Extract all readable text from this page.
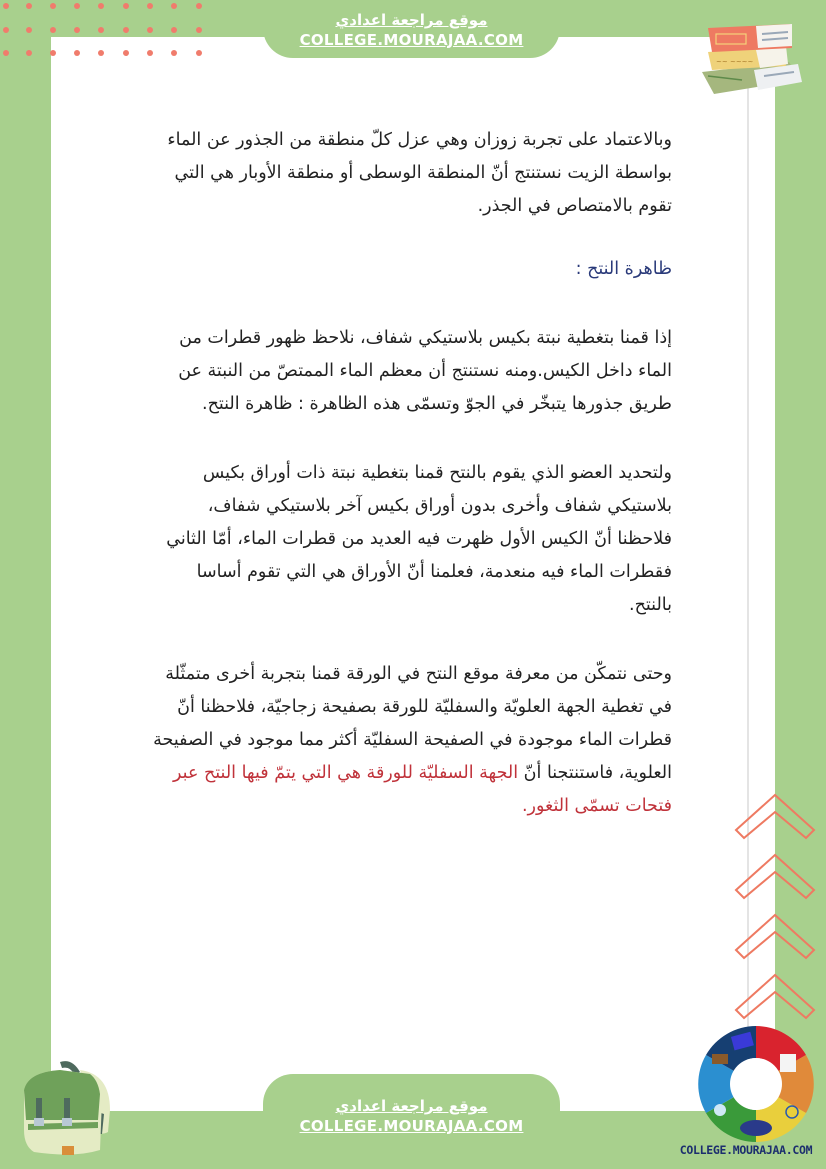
موقع مراجعة اعدادي
COLLEGE.MOURAJAA.COM
~~ ~~~~

وبالاعتماد على تجربة زوزان وهي عزل كلّ منطقة من الجذور عن الماء بواسطة الزيت نستنتج أنّ المنطقة الوسطى أو منطقة الأوبار هي التي تقوم بالامتصاص في الجذر.

ظاهرة النتح :

إذا قمنا بتغطية نبتة بكيس بلاستيكي شفاف، نلاحظ ظهور قطرات من الماء داخل الكيس.ومنه نستنتج أن معظم الماء الممتصّ من النبتة عن طريق جذورها يتبخّر في الجوّ وتسمّى هذه الظاهرة : ظاهرة النتح.

ولتحديد العضو الذي يقوم بالنتح قمنا بتغطية نبتة ذات أوراق بكيس بلاستيكي شفاف وأخرى بدون أوراق بكيس آخر بلاستيكي شفاف، فلاحظنا أنّ الكيس الأول ظهرت فيه العديد من قطرات الماء، أمّا الثاني فقطرات الماء فيه منعدمة، فعلمنا أنّ الأوراق هي التي تقوم أساسا بالنتح.

وحتى نتمكّن من معرفة موقع النتح في الورقة قمنا بتجربة أخرى متمثّلة في تغطية الجهة العلويّة والسفليّة للورقة بصفيحة زجاجيّة، فلاحظنا أنّ قطرات الماء موجودة في الصفيحة السفليّة أكثر مما موجود في الصفيحة العلوية، فاستنتجنا أنّ الجهة السفليّة للورقة هي التي يتمّ فيها النتح عبر فتحات تسمّى الثغور.

COLLEGE.MOURAJAA.COM
موقع مراجعة اعدادي
COLLEGE.MOURAJAA.COM
